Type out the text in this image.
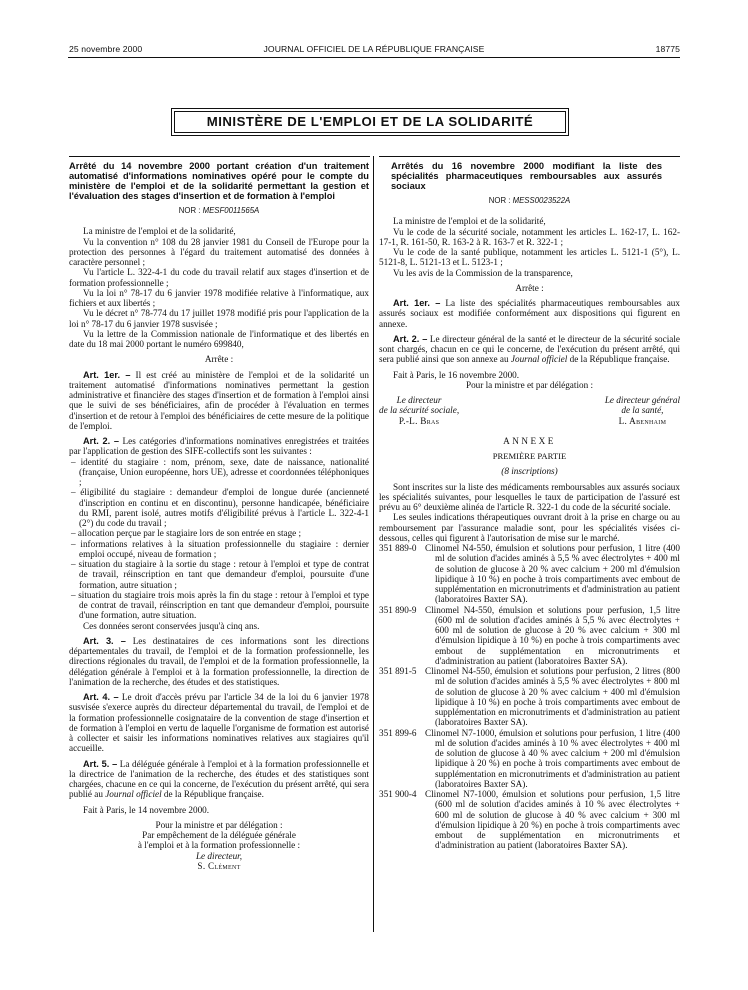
25 novembre 2000	JOURNAL OFFICIEL DE LA RÉPUBLIQUE FRANÇAISE	18775
MINISTÈRE DE L'EMPLOI ET DE LA SOLIDARITÉ
Arrêté du 14 novembre 2000 portant création d'un traitement automatisé d'informations nominatives opéré pour le compte du ministère de l'emploi et de la solidarité permettant la gestion et l'évaluation des stages d'insertion et de formation à l'emploi
NOR : MESF0011565A

La ministre de l'emploi et de la solidarité,

Vu la convention n° 108 du 28 janvier 1981 du Conseil de l'Europe pour la protection des personnes à l'égard du traitement automatisé des données à caractère personnel ;

Vu l'article L. 322-4-1 du code du travail relatif aux stages d'insertion et de formation professionnelle ;

Vu la loi n° 78-17 du 6 janvier 1978 modifiée relative à l'informatique, aux fichiers et aux libertés ;

Vu le décret n° 78-774 du 17 juillet 1978 modifié pris pour l'application de la loi n° 78-17 du 6 janvier 1978 susvisée ;

Vu la lettre de la Commission nationale de l'informatique et des libertés en date du 18 mai 2000 portant le numéro 699840,

Arrête :

Art. 1er. – Il est créé au ministère de l'emploi et de la solidarité un traitement automatisé d'informations nominatives permettant la gestion administrative et financière des stages d'insertion et de formation à l'emploi ainsi que le suivi de ses bénéficiaires, afin de procéder à l'évaluation en termes d'insertion et de retour à l'emploi des bénéficiaires de cette mesure de la politique de l'emploi.

Art. 2. – Les catégories d'informations nominatives enregistrées et traitées par l'application de gestion des SIFE-collectifs sont les suivantes :

– identité du stagiaire : nom, prénom, sexe, date de naissance, nationalité (française, Union européenne, hors UE), adresse et coordonnées téléphoniques ;
– éligibilité du stagiaire : demandeur d'emploi de longue durée (ancienneté d'inscription en continu et en discontinu), personne handicapée, bénéficiaire du RMI, parent isolé, autres motifs d'éligibilité prévus à l'article L. 322-4-1 (2°) du code du travail ;
– allocation perçue par le stagiaire lors de son entrée en stage ;
– informations relatives à la situation professionnelle du stagiaire : dernier emploi occupé, niveau de formation ;
– situation du stagiaire à la sortie du stage : retour à l'emploi et type de contrat de travail, réinscription en tant que demandeur d'emploi, poursuite d'une formation, autre situation ;
– situation du stagiaire trois mois après la fin du stage : retour à l'emploi et type de contrat de travail, réinscription en tant que demandeur d'emploi, poursuite d'une formation, autre situation.

Ces données seront conservées jusqu'à cinq ans.

Art. 3. – Les destinataires de ces informations sont les directions départementales du travail, de l'emploi et de la formation professionnelle, les directions régionales du travail, de l'emploi et de la formation professionnelle, la délégation générale à l'emploi et à la formation professionnelle, la direction de l'animation de la recherche, des études et des statistiques.

Art. 4. – Le droit d'accès prévu par l'article 34 de la loi du 6 janvier 1978 susvisée s'exerce auprès du directeur départemental du travail, de l'emploi et de la formation professionnelle cosignataire de la convention de stage d'insertion et de formation à l'emploi en vertu de laquelle l'organisme de formation est autorisé à collecter et saisir les informations nominatives relatives aux stagiaires qu'il accueille.

Art. 5. – La déléguée générale à l'emploi et à la formation professionnelle et la directrice de l'animation de la recherche, des études et des statistiques sont chargées, chacune en ce qui la concerne, de l'exécution du présent arrêté, qui sera publié au Journal officiel de la République française.

Fait à Paris, le 14 novembre 2000.

Pour la ministre et par délégation :

Par empêchement de la déléguée générale

à l'emploi et à la formation professionnelle :

Le directeur,

S. Clément

Arrêtés du 16 novembre 2000 modifiant la liste des spécialités pharmaceutiques remboursables aux assurés sociaux
NOR : MESS0023522A

La ministre de l'emploi et de la solidarité,

Vu le code de la sécurité sociale, notamment les articles L. 162-17, L. 162-17-1, R. 161-50, R. 163-2 à R. 163-7 et R. 322-1 ;

Vu le code de la santé publique, notamment les articles L. 5121-1 (5°), L. 5121-8, L. 5121-13 et L. 5123-1 ;

Vu les avis de la Commission de la transparence,

Arrête :

Art. 1er. – La liste des spécialités pharmaceutiques remboursables aux assurés sociaux est modifiée conformément aux dispositions qui figurent en annexe.

Art. 2. – Le directeur général de la santé et le directeur de la sécurité sociale sont chargés, chacun en ce qui le concerne, de l'exécution du présent arrêté, qui sera publié ainsi que son annexe au Journal officiel de la République française.

Fait à Paris, le 16 novembre 2000.

Pour la ministre et par délégation :

Le directeur
de la sécurité sociale,
P.-L. Bras
Le directeur général
de la santé,
L. Abenhaim

ANNEXE

PREMIÈRE PARTIE

(8 inscriptions)

Sont inscrites sur la liste des médicaments remboursables aux assurés sociaux les spécialités suivantes, pour lesquelles le taux de participation de l'assuré est prévu au 6° deuxième alinéa de l'article R. 322-1 du code de la sécurité sociale.

Les seules indications thérapeutiques ouvrant droit à la prise en charge ou au remboursement par l'assurance maladie sont, pour les spécialités visées ci-dessous, celles qui figurent à l'autorisation de mise sur le marché.

351 889-0 Clinomel N4-550, émulsion et solutions pour perfusion, 1 litre (400 ml de solution d'acides aminés à 5,5 % avec électrolytes + 400 ml de solution de glucose à 20 % avec calcium + 200 ml d'émulsion lipidique à 10 %) en poche à trois compartiments avec embout de supplémentation en micronutriments et d'administration au patient (laboratoires Baxter SA).
351 890-9 Clinomel N4-550, émulsion et solutions pour perfusion, 1,5 litre (600 ml de solution d'acides aminés à 5,5 % avec électrolytes + 600 ml de solution de glucose à 20 % avec calcium + 300 ml d'émulsion lipidique à 10 %) en poche à trois compartiments avec embout de supplémentation en micronutriments et d'administration au patient (laboratoires Baxter SA).
351 891-5 Clinomel N4-550, émulsion et solutions pour perfusion, 2 litres (800 ml de solution d'acides aminés à 5,5 % avec électrolytes + 800 ml de solution de glucose à 20 % avec calcium + 400 ml d'émulsion lipidique à 10 %) en poche à trois compartiments avec embout de supplémentation en micronutriments et d'administration au patient (laboratoires Baxter SA).
351 899-6 Clinomel N7-1000, émulsion et solutions pour perfusion, 1 litre (400 ml de solution d'acides aminés à 10 % avec électrolytes + 400 ml de solution de glucose à 40 % avec calcium + 200 ml d'émulsion lipidique à 20 %) en poche à trois compartiments avec embout de supplémentation en micronutriments et d'administration au patient (laboratoires Baxter SA).
351 900-4 Clinomel N7-1000, émulsion et solutions pour perfusion, 1,5 litre (600 ml de solution d'acides aminés à 10 % avec électrolytes + 600 ml de solution de glucose à 40 % avec calcium + 300 ml d'émulsion lipidique à 20 %) en poche à trois compartiments avec embout de supplémentation en micronutriments et d'administration au patient (laboratoires Baxter SA).
